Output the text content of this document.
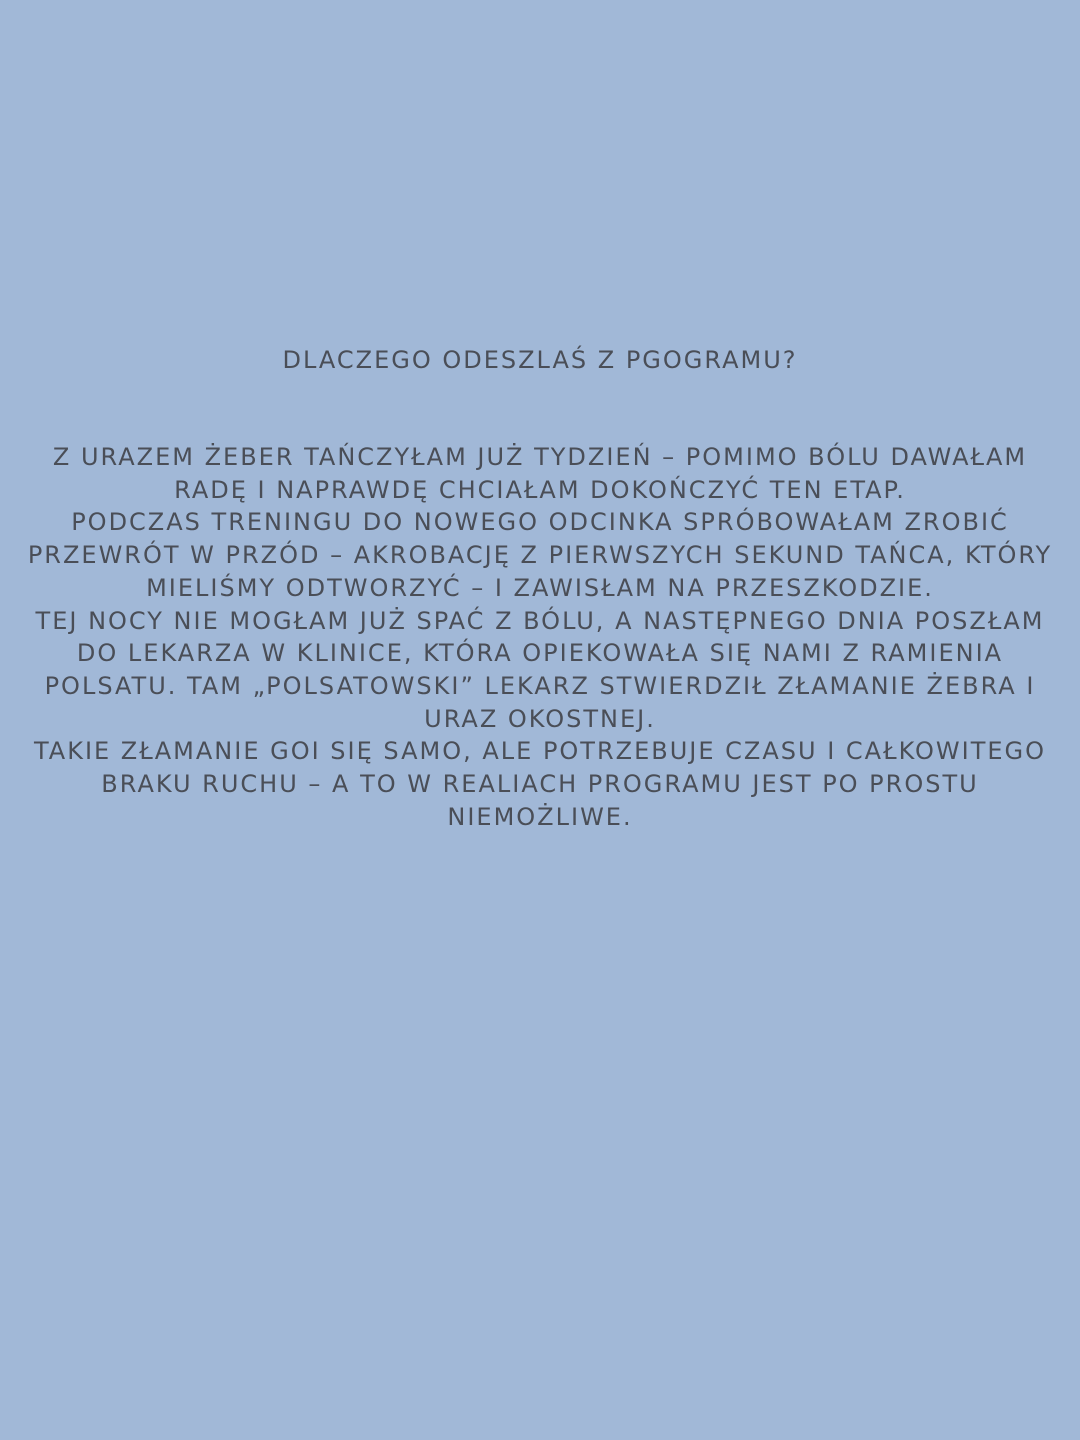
DLACZEGO ODESZLAŚ Z PGOGRAMU?

Z URAZEM ŻEBER TAŃCZYŁAM JUŻ TYDZIEŃ – POMIMO BÓLU DAWAŁAM RADĘ I NAPRAWDĘ CHCIAŁAM DOKOŃCZYĆ TEN ETAP.

PODCZAS TRENINGU DO NOWEGO ODCINKA SPRÓBOWAŁAM ZROBIĆ PRZEWRÓT W PRZÓD – AKROBACJĘ Z PIERWSZYCH SEKUND TAŃCA, KTÓRY MIELIŚMY ODTWORZYĆ – I ZAWISŁAM NA PRZESZKODZIE.

TEJ NOCY NIE MOGŁAM JUŻ SPAĆ Z BÓLU, A NASTĘPNEGO DNIA POSZŁAM DO LEKARZA W KLINICE, KTÓRA OPIEKOWAŁA SIĘ NAMI Z RAMIENIA POLSATU. TAM „POLSATOWSKI” LEKARZ STWIERDZIŁ ZŁAMANIE ŻEBRA I URAZ OKOSTNEJ.

TAKIE ZŁAMANIE GOI SIĘ SAMO, ALE POTRZEBUJE CZASU I CAŁKOWITEGO BRAKU RUCHU – A TO W REALIACH PROGRAMU JEST PO PROSTU NIEMOŻLIWE.
